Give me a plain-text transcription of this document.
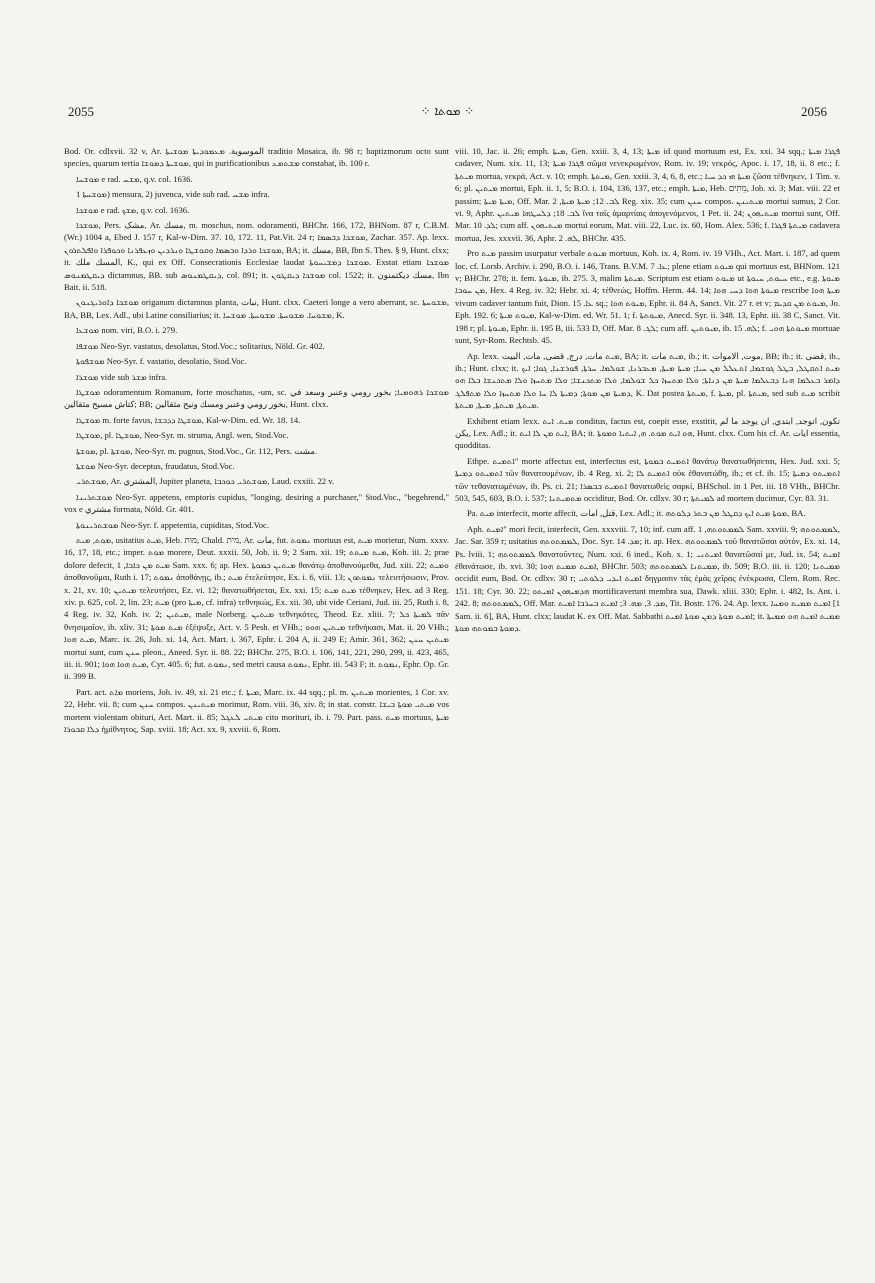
2055	⁘ ܡܘܬܐ ⁘	2056

Bod. Or. cdlxvii. 32 v, Ar. الموسوية. ܡܥܡܘܕܝܬܐ ܡܘܫܝܬܐ traditio Mosaica, ib. 98 r; baptizmorum octo sunt species, quarum tertia ܡܘܫܝܬܐ ܕܡܘܫܐ, qui in purificationibus ܡܫܬܡܥ constabat, ib. 100 r.

ܡܘܫܚܐ e rad. ܡܫܚ, q.v. col. 1636.

ܡܘܫܚܬܐ 1) mensura, 2) juvenca, vide sub rad. ܡܫܚ infra.

ܡܘܫܟܐ e rad. ܡܫܟ, q.v. col. 1636.

ܡܘܫܟܐ, Pers. مشک, Ar. مسك, m. moschus, nom. odoramenti, BHChr. 166, 172, BHNom. 87 r, C.B.M. (Wr.) 1004 a, Ebed J. 157 r, Kal-w-Dim. 37. 10, 172. 11, Pat.Vit. 24 r; ܡܘܫܟܐ ܕܒܣܡܐ, Zachar. 357. Ap. lexx. ܡܘܫܟܐ ܘܪܕܐ ܘܒܣܡܐ ܘܩܘܫܛܐ ܘܢܪܕܝܢ ܘܙܥܦܪܢܐ ܘܟܘܦܪܐ ܘܐܦܠܬܪܘܢ, BA; it. مسك, BB, Ibn S. Thes. § 9, Hunt. clxx; it. المسك ملك, K., qui ex Off. Consecrationis Ecclesiae laudat ܡܘܫܟܐ ܕܡܫܝܚܘܬܐ. Exstat etiam ܡܘܫܟܐ ܕܝܩܛܡܢܘܣ dictamnus, BB. sub ܕܝܩܛܡܢܘܣ, col. 891; it. ܡܘܫܟܐ ܕܝܩܛܘܢ col. 1522; it. مسك ديكتمنون, Ibn Bait. ii. 518.

ܡܘܫܟܐ ܕܐܘܪܝܓܢܘܢ origanum dictamnus planta, نبات, Hunt. clxx. Caeteri longe a vero aberrant, sc. ܡܫܘܚܬܐ, BA, BB, Lex. Adl., ubi Latine consiliarius; it. ܡܫܘܚܐ. ܡܫܘܚܬܐ. ܡܫܘܚܬܐ. ܡܘܫܚܐ, K.

ܡܘܫܥܐ nom. viri, B.O. i. 279.

ܡܘܫܦܐ Neo-Syr. vastatus, desolatus, Stod.Voc.; solitarius, Nöld. Gr. 402.

ܡܘܫܦܘܬܐ Neo-Syr. f. vastatio, desolatio, Stod.Voc.

ܡܘܫܪܐ vide sub ܡܫܪ infra.

ܡܘܫܛܐ odoramentum Romanum, forte moschatus, -um, sc. ܡܘܫܟܐ ܪܗܘܡܝܐ; بخور رومي وعنبر وسعد في كتاش مسيح مثقالين; BB; بخور رومي وعنبر ومسك ونيح مثقالين, Hunt. clxx.

ܡܘܫܛܐ m. forte favus, ܡܘܫܛܐ ܕܕܒܫܐ, Kal-w-Dim. ed. Wr. 18. 14.

ܡܘܫܛܐ, pl. ܡܘܫܛܐ, Neo-Syr. m. struma, Angl. wen, Stod.Voc.

ܡܘܫܬܐ, pl. ܡܘܫܬܐ, Neo-Syr. m. pugnus, Stod.Voc., Gr. 112, Pers. مشت.

ܡܘܫܬܐ Neo-Syr. deceptus, fraudatus, Stod.Voc.

ܡܘܫܬܪܝ, Ar. المشتري, Jupiter planeta, ܡܘܫܬܪܝ ܟܘܟܒܐ, Laud. cxxiii. 22 v.

ܡܘܫܬܪܝܢܐ Neo-Syr. appetens, emptoris cupidus, "longing, desiring a purchaser," Stod.Voc., "begehrend," vox e مشتري formata, Nöld. Gr. 401.

ܡܘܫܬܪܝܢܘܬܐ Neo-Syr. f. appetentia, cupiditas, Stod.Voc.

ܡܘܬ, ܡܝܬ, usitatius ܡܝܬ, Heb. מות, Chald. מית, Ar. مات, fut. ܢܡܘܬ mortuus est, ܡܝܬ morietur, Num. xxxv. 16, 17, 18, etc.; imper. ܡܘܬ morere, Deut. xxxii. 50, Job. ii. 9; 2 Sam. xii. 19; ܡܝܬ ܡܝܬܬ, Koh. iii. 2; prae dolore defecit, ܡܝܬ ܡܢ ܟܐܒܐ, 1 Sam. xxx. 6; ap. Hex. ܡܝܬܝܢ ܒܡܘܬܐ θανάτῳ ἀποθανούμεθα, Jud. xiii. 22; ܘܡܝܬ ἀποθανοῦμαι, Ruth i. 17; ܢܡܘܬ ἀποθάνῃς, ib.; ܡܝܬ ἐτελεύτησε, Ex. i. 6, viii. 13; ܢܡܘܬܘܢ τελευτήσωσιν, Prov. x. 21, xv. 10; ܡܝܬܝܢ τελευτήσει, Ez. vi. 12; θανατωθήσεται, Ex. xxi. 15; ܡܝܬ ܡܝܬ τέθνηκεν, Hex. ad 3 Reg. xiv. p. 625, col. 2, lin. 23; ܡܝܬ (pro ܡܝܬܐ, cf. infra) τεθνηκώς, Ex. xii. 30, ubi vide Ceriani, Jud. iii. 25, Ruth i. 8, 4 Reg. iv. 32, Koh. iv. 2; ܡܝܬܝܢ, male Norberg. ܡܝܬܝܢ τεθνηκότες, Theod. Ez. xliii. 7; ܠܡܝܬܐ ܟܠ πᾶν θνησιμαῖον, ib. xliv. 31; ܡܝܬ ܡܘܬܐ ἐξέψυξε, Act. v. 5 Pesh. et VHh.; ܡܝܬܝܢ ܗܘܘ τεθνήκασι, Mat. ii. 20 VHh.; ܡܝܬ ܗܘܐ, Marc. ix. 26, Joh. xi. 14, Act. Mart. i. 367, Ephr. i. 204 A, ii. 249 E; Amir. 361, 362; ܡܝܬܝܢ ܚܢܢ mortui sunt, cum ܚܢܢ pleon., Aneed. Syr. ii. 88. 22; BHChr. 275, B.O. i. 106, 141, 221, 290, 299, ii. 423, 465, iii. ii. 901; ܡܝܬ ܗܘܐ ܗܘܐ, Cyr. 405. 6; fut. ܢܡܘܬ, sed metri causa ܢܡܘܬ, Ephr. iii. 543 F; it. ܢܡܘܬ, Ephr. Op. Gr. ii. 399 B.

Part. act. ܡܐܬ moriens, Joh. iv. 49, xi. 21 etc.; f. ܡܝܬܐ, Marc. ix. 44 sqq.; pl. m. ܡܝܬܝܢ morientes, 1 Cor. xv. 22, Hebr. vii. 8; cum ܚܢܢ compos. ܡܝܬܝܢܢ morimur, Rom. viii. 36, xiv. 8; in stat. constr. ܡܝܬܝ ܡܘܬܐ ܒܝܫܐ vos mortem violentam obituri, Act. Mart. ii. 85; ܡܝܬܝ ܠܥܓܠ cito morituri, ib. i. 79. Part. pass. ܡܝܬ mortuus, ܡܝܬܐ ܕܠܐ ܩܒܘܪܐ ἠμίθνητος, Sap. xviii. 18; Act. xx. 9, xxviii. 6, Rom.

viii. 10, Jac. ii. 26; emph. ܡܝܬܐ, Gen. xxiii. 3, 4, 13; ܡܝܬܐ id quod mortuum est, Ex. xxi. 34 sqq.; ܦܓܪܐ ܡܝܬܐ cadaver, Num. xix. 11, 13; ܦܓܪܐ ܡܝܬܐ σῶμα νενεκρωμένον, Rom. iv. 19; νεκρός, Apoc. i. 17, 18, ii. 8 etc.; f. ܡܝܬܬܐ mortua, νεκρά, Act. v. 10; emph. ܡܝܬܬܐ, Gen. xxiii. 3, 4, 6, 8, etc.; ܡܝܬܐ ܗܝ ܟܕ ܚܝܐ ζῶσα τέθνηκεν, 1 Tim. v. 6; pl. ܡܝܬܝܢ mortui, Eph. ii. 1, 5; B.O. i. 104, 136, 137, etc.; emph. ܡܝܬܐ, Heb. מֵתִים, Job. xi. 3; Mat. viii. 22 et passim; ܡܝܬܐ ܡܝܬܐ, Off. Mar. ܠܒ. 12; ܡܝܬܐ ܡܝܬܐ, 2 Reg. xix. 35; cum ܚܢܢ compos. ܡܝܬܝܢܢ mortui sumus, 2 Cor. vi. 9, Aphr. ܠܒ. 18; ܕܠܚܛܗܐ ܡܝܬܝܢ ἵνα ταῖς ἁμαρτίαις ἀπογενόμενοι, 1 Pet. ii. 24; ܡܝܬܝܗܘܢ mortui sunt, Off. Mar. ܠܕ. 10; cum aff. ܡܝܬܝܗܘܢ mortui eorum, Mat. viii. 22, Luc. ix. 60, Hom. Alex. 536; f. ܡܝܬܬܐ ܦܓܪܐ cadavera mortua, Jes. xxxvii. 36, Aphr. ܠܗ. 2, BHChr. 435.

Pro ܡܝܬ passim usurpatur verbale ܡܝܘܬ mortuus, Koh. ix. 4, Rom. iv. 19 VHh., Act. Mart. i. 187, ad quem loc. cf. Lorsb. Archiv. i. 290, B.O. i. 146, Trans. B.V.M. ܥܐ. 7; plene etiam ܡܝܘܬ qui mortuus est, BHNom. 121 v; BHChr. 278; it. fem. ܡܝܘܬܐ, ib. 275. 3, malim ܡܝܬܬܐ. Scriptum est etiam ܡܝܘܬ ut ܚܝܘܬ, ܚܝܘܬܐ etc., e.g. ܡܝܘܬܐ ܡܢ ܚܘܒܐ, Hex. 4 Reg. iv. 32; Hebr. xi. 4; τέθνεώς, Hoffm. Herm. 44. 14; ܡܝܘܬܐ ܗܘܐ ܕܚܝ ܗܘܐ rescribe ܡܝܬܐ ܗܘܐ vivum cadaver tantum fuit, Dion. ܥܐ. 15 sq.; ܡܝܘܬ ܗܘܐ, Ephr. ii. 84 A, Sanct. Vit. 27 r. et v; ܡܝܘܬ ܡܢ ܩܕܝܡ, Jo. Eph. 192. 6; ܡܝܘܬ ܡܝܬܐ, Kal-w-Dim. ed. Wr. 51. 1; f. ܡܝܘܬܬܐ, Anecd. Syr. ii. 348. 13, Ephr. iii. 38 C, Sanct. Vit. 198 r; pl. ܡܝܘܬܐ, Ephr. ii. 195 B, iii. 533 D, Off. Mar. ܠܓ. 8; cum aff. ܡܝܘܬܝܢ, ib. ܠܗ. 15; f. ܡܝܘܬܬܐ ܗܘܝ mortuae sunt, Syr-Rom. Rechtsb. 45.

Ap. lexx. ܡܝܬ مات, درج, قضى, مات, البيت, BA; it. ܡܝܬ مات, ib.; it. موت, الاموات, BB; ib.; it. قضى, ib., ib.; Hunt. clxx; it. ܡܝܬ ܐܬܩܛܠ, ܒܛܠ ܓܘܫܡܐ, ܐܬܥܠܠ ܡܢ ܚܝܐ; ܡܝܬܐ ܡܝܬܐ, ܡܥܒܪܢܐ, ܫܘܠܡܐ. ܚܪܬܐ, ܦܘܪܫܢܐ, ܓܘܐ; ܐܝܟ ܕܐܡܪ ܒܥܠܡܐ ܗܢܐ ܕܒܥܠܡܐ ܡܝܬܐ ܡܢ ܕܢܐܬܐ; ܘܠܐ ܡܬܚܙܐ ܟܠ ܫܘܠܡܐ, ܘܠܐ ܡܬܟܢܫܐ; ܘܠܐ ܡܬܚܙܐ ܘܠܐ ܡܬܟܢܫܐ ܒܠܐ ܗܘ ܕܡܝܬܐ ܡܢ ܡܘܬܐ; ܕܡܝܬܐ ܠܐ ܚܐ ܘܠܐ ܡܬܚܙܐ ܘܠܐ ܡܬܦܠܓ, K. Dat postea ܡܝܬܬܐ, f. ܡܝܬܐ, pl. ܡܝܬܬܐ, sed sub ܡܝܬ scribit ܡܝܬܬܐ, ܡܝܬܬܐ, ܡܝܬܐ, ܡܝܬܬܐ.

Exhibent etiam lexx. ܡܝܬ. ܐܝܬ conditus, factus est, coepit esse, exstitit, تكون, اتوجد, ابتدي, ان يوجد ما لم يكن, Lex. Adl.; it. ܐܝܬ ܡܢ ܠܐ ܐܝܬ, BA; it. ܗܘ ܐܝܬ ܡܘܬ. ܗ, ܐܝܬܝܐ ܘܡܘܬܐ, Hunt. clxx. Cum his cf. Ar. ايات essentia, quodditas.

Ethpe. ܐܬܡܝܬ" morte affectus est, interfectus est, ܐܬܡܝܬ ܒܡܘܬܐ θανάτῳ θανατωθήσεται, Hex. Jud. xxi. 5; ܐܬܡܝܬܘ ܕܡܝܬܐ τῶν θανατουμένων, ib. 4 Reg. xi. 2; ܐܬܡܝܬ ܠܐ οὐκ ἐθανατώθη, ib.; et cf. ib. 15; ܐܬܡܝܬܘ ܕܡܝܬܐ τῶν τεθανατωμένων, ib. Ps. ci. 21; ܐܬܡܝܬ ܒܒܣܪܐ θανατωθεὶς σαρκί, BHSchol. in 1 Pet. iii. 18 VHh., BHChr. 503, 545, 603, B.O. i. 537; ܡܬܡܝܬܢܐ occiditur, Bod. Or. cdlxv. 30 r; ܠܡܝܬܬܐ ad mortem ducimur, Cyr. 83. 31.

Pa. ܡܝܬ interfecit, morte affecit, قتل, امات, Lex. Adl.; it. ܡܘܬܐ ܡܝܬ ܐܝܟ ܕܩܛܠ ܡܢ ܒܬܪ ܕܠܘܬܗ, BA.

Aph. ܐܡܝܬ" mori fecit, interfecit, Gen. xxxviii. 7, 10; inf. cum aff. ܠܡܡܬܘܬܗ, 1 Sam. xxviii. 9; ܠܡܡܬܘܬܗ, Jac. Sar. 359 r; usitatius ܠܡܡܬܘܬܗ, Doc. Syr. ܡܕ. 14; it. ap. Hex. ܠܡܡܬܘܬܗ τοῦ θανατῶσαι αὐτόν, Ex. xi. 14, Ps. lviii. 1; ܠܡܡܬܘܬܗ θανατοῦντες, Num. xxi. 6 ined., Koh. x. 1; ܐܡܝܬܢܝ θανατῶσαί με, Jud. ix. 54; ܐܡܝܬ ἐθανάτωσε, ib. xvi. 30; ܐܡܝܬ ܡܡܝܬ ܗܘܐ, BHChr. 503; ܡܡܝܬܢܐ ܠܡܡܬܘܬܗ, ib. 509; B.O. iii. ii. 120; ܡܡܝܬܢܐ occidit eum, Bod. Or. cdlxv. 30 r; ܐܡܝܬ ܐܝܕܝ ܕܠܘܬܝ δηγμασιν τὰς ἐμὰς χεῖρας ἐνέκρωσα, Clem. Rom. Rec. 151. 18; Cyr. 30. 22; ܗܕܡܝܗܘܢ ܐܡܝܬܘ mortificaverunt membra sua, Dawk. xliii. 330; Ephr. i. 482, Is. Ant. i. 242. 8; ܠܡܡܬܘܬܗ, Off. Mar. ܡܕ. 3, ܡܗ. 3; ܐܡܝܬ ܒܚܪܒܐ ܐܡܝܬ, Tit. Bostr. 176. 24. Ap. lexx. ܐܡܝܬ ܡܡܝܬ ܘܡܚܐ [1 Sam. ii. 6], BA, Hunt. clxx; laudat K. ex Off. Mat. Sabbathi ܐܡܝܬ ܡܘܬܐ ܕܡܢ ܡܘܬܐ ܐܡܝܬ; it. ܡܡܝܬ ܐܡܝܬ ܗܘ ܡܡܝܬܐ ܕܡܘܬܐ ܒܡܘܬܗ ܡܘܬܐ.
